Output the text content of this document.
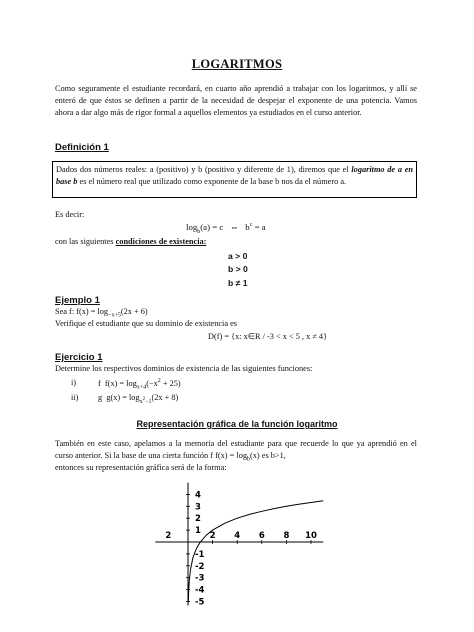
LOGARITMOS
Como seguramente el estudiante recordará, en cuarto año aprendió a trabajar con los logaritmos, y allí se enteró de que éstos se definen a partir de la necesidad de despejar el exponente de una potencia. Vamos ahora a dar algo más de rigor formal a aquellos elementos ya estudiados en el curso anterior.
Definición 1
Dados dos números reales: a (positivo) y b (positivo y diferente de 1), diremos que el logaritmo de a en base b es el número real que utilizado como exponente de la base b nos da el número a.
Es decir:
$\log_b(a) = c$ ⇔ $b^c = a$
con las siguientes condiciones de existencia:
a > 0
b > 0
b ≠ 1
Ejemplo 1
Sea f: $f(x) = \log_{-x+5}(2x + 6)$
Verifique el estudiante que su dominio de existencia es
D(f) = {x: x∈R / -3 < x < 5 , x ≠ 4}
Ejercicio 1
Determine los respectivos dominios de existencia de las siguientes funciones:
i)	f $f(x) = \log_{x+4}(-x^2 + 25)$
ii) g $g(x) = \log_{x^2-1}(2x + 8)$
Representación gráfica de la función logaritmo
También en este caso, apelamos a la memoria del estudiante para que recuerde lo que ya aprendió en el curso anterior. Si la base de una cierta función f $f(x) = \log_b(x)$ es b>1,
entonces su representación gráfica será de la forma:
2	2 4 6 8 10
4
3
2
1
-1
-2
-3
-4
-5
